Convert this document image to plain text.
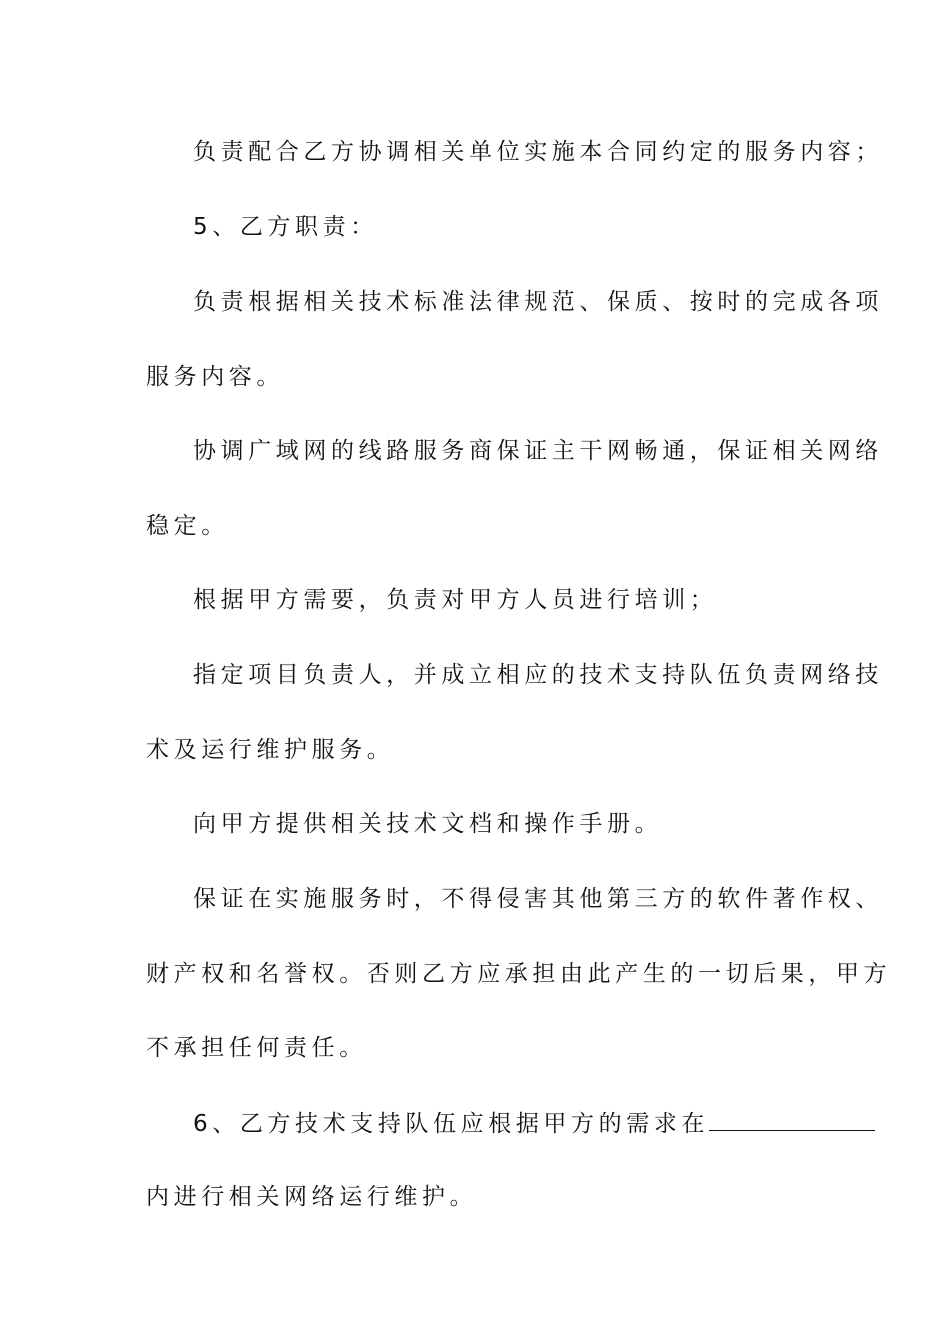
负责配合乙方协调相关单位实施本合同约定的服务内容；
5、乙方职责：
负责根据相关技术标准法律规范、保质、按时的完成各项
服务内容。
协调广域网的线路服务商保证主干网畅通，保证相关网络
稳定。
根据甲方需要，负责对甲方人员进行培训；
指定项目负责人，并成立相应的技术支持队伍负责网络技
术及运行维护服务。
向甲方提供相关技术文档和操作手册。
保证在实施服务时，不得侵害其他第三方的软件著作权、
财产权和名誉权。否则乙方应承担由此产生的一切后果，甲方
不承担任何责任。
6、乙方技术支持队伍应根据甲方的需求在
内进行相关网络运行维护。
